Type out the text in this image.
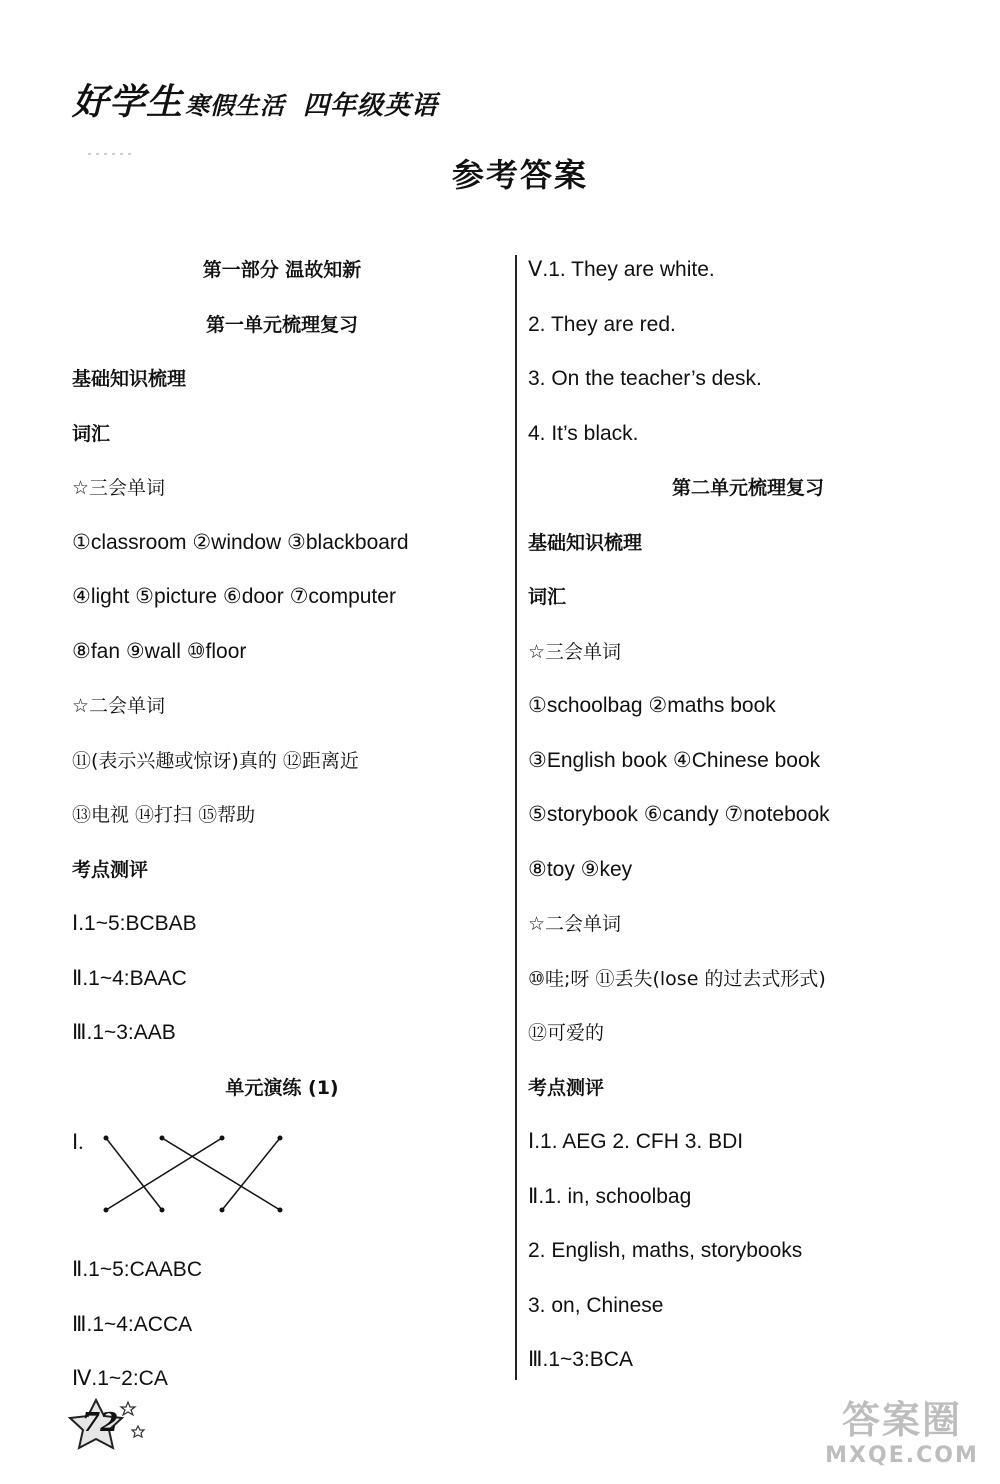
好学生寒假生活 四年级英语
参考答案
第一部分 温故知新
第一单元梳理复习
基础知识梳理
词汇
☆三会单词
①classroom ②window ③blackboard
④light ⑤picture ⑥door ⑦computer
⑧fan ⑨wall ⑩floor
☆二会单词
⑪(表示兴趣或惊讶)真的 ⑫距离近
⑬电视 ⑭打扫 ⑮帮助
考点测评
Ⅰ.1~5:BCBAB
Ⅱ.1~4:BAAC
Ⅲ.1~3:AAB
单元演练 (1)
Ⅰ.
Ⅱ.1~5:CAABC
Ⅲ.1~4:ACCA
Ⅳ.1~2:CA
Ⅴ.1. They are white.
2. They are red.
3. On the teacher’s desk.
4. It’s black.
第二单元梳理复习
基础知识梳理
词汇
☆三会单词
①schoolbag ②maths book
③English book ④Chinese book
⑤storybook ⑥candy ⑦notebook
⑧toy ⑨key
☆二会单词
⑩哇;呀 ⑪丢失(lose 的过去式形式)
⑫可爱的
考点测评
Ⅰ.1. AEG 2. CFH 3. BDI
Ⅱ.1. in, schoolbag
2. English, maths, storybooks
3. on, Chinese
Ⅲ.1~3:BCA
72	答案圈
MXQE.COM
